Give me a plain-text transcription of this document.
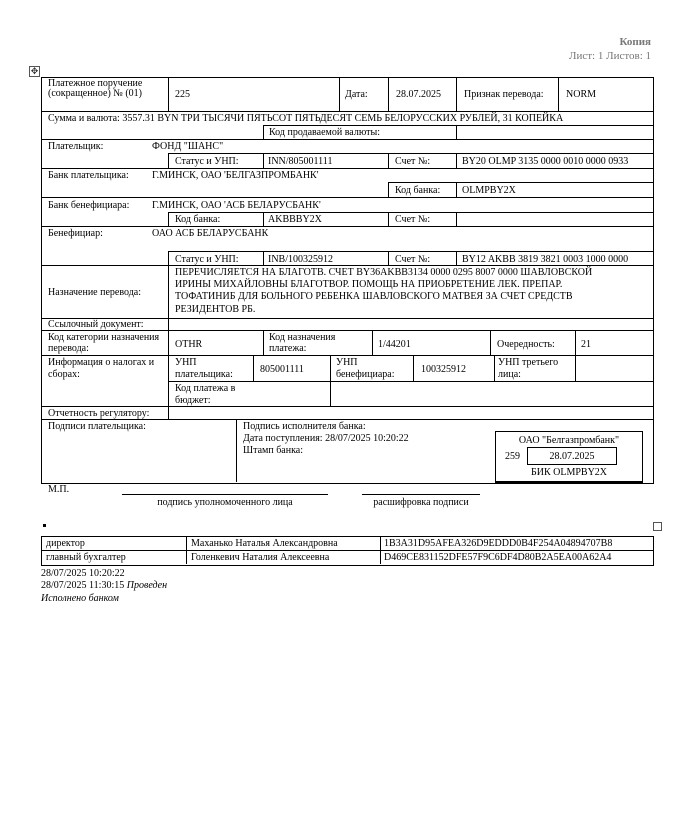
Копия
Лист: 1 Листов: 1
✥
Платежное поручение (сокращенное) № (01)	225	Дата:	28.07.2025 Признак перевода: NORM
Сумма и валюта: 3557.31 BYN ТРИ ТЫСЯЧИ ПЯТЬСОТ ПЯТЬДЕСЯТ СЕМЬ БЕЛОРУССКИХ РУБЛЕЙ, 31 КОПЕЙКА
Код продаваемой валюты:
Плательщик:	ФОНД "ШАНС"
Статус и УНП:	INN/805001111	Счет №:	BY20 OLMP 3135 0000 0010 0000 0933
Банк плательщика: Г.МИНСК, ОАО 'БЕЛГАЗПРОМБАНК'
Код банка: OLMPBY2X
Банк бенефициара: Г.МИНСК, ОАО 'АСБ БЕЛАРУСБАНК'
Код банка:	AKBBBY2X	Счет №:
Бенефициар:	ОАО АСБ БЕЛАРУСБАНК
Статус и УНП:	INB/100325912	Счет №:	BY12 AKBB 3819 3821 0003 1000 0000
Назначение перевода:
ПЕРЕЧИСЛЯЕТСЯ НА БЛАГОТВ. СЧЕТ BY36AKBB3134 0000 0295 8007 0000 ШАВЛОВСКОЙ
ИРИНЫ МИХАЙЛОВНЫ БЛАГОТВОР. ПОМОЩЬ НА ПРИОБРЕТЕНИЕ ЛЕК. ПРЕПАР.
ТОФАТИНИБ ДЛЯ БОЛЬНОГО РЕБЕНКА ШАВЛОВСКОГО МАТВЕЯ ЗА СЧЕТ СРЕДСТВ
РЕЗИДЕНТОВ РБ.
Ссылочный документ:
Код категории назначения перевода:	OTHR
Код назначения платежа:	1/44201	Очередность:	21
Информация о налогах и сборах:
УНП плательщика:	805001111
УНП бенефициара:	100325912
УНП третьего лица:
Код платежа в бюджет:
Отчетность регулятору:
Подписи плательщика:	Подпись исполнителя банка:
Дата поступления: 28/07/2025 10:20:22
Штамп банка:
ОАО "Белгазпромбанк"
259	28.07.2025
БИК OLMPBY2X
М.П.
подпись уполномоченного лица	расшифровка подписи
директор	Маханько Наталья Александровна	1B3A31D95AFEA326D9EDDD0B4F254A04894707B8
главный бухгалтер	Голенкевич Наталия Алексеевна	D469CE831152DFE57F9C6DF4D80B2A5EA00A62A4
28/07/2025 10:20:22
28/07/2025 11:30:15 Проведен
Исполнено банком
